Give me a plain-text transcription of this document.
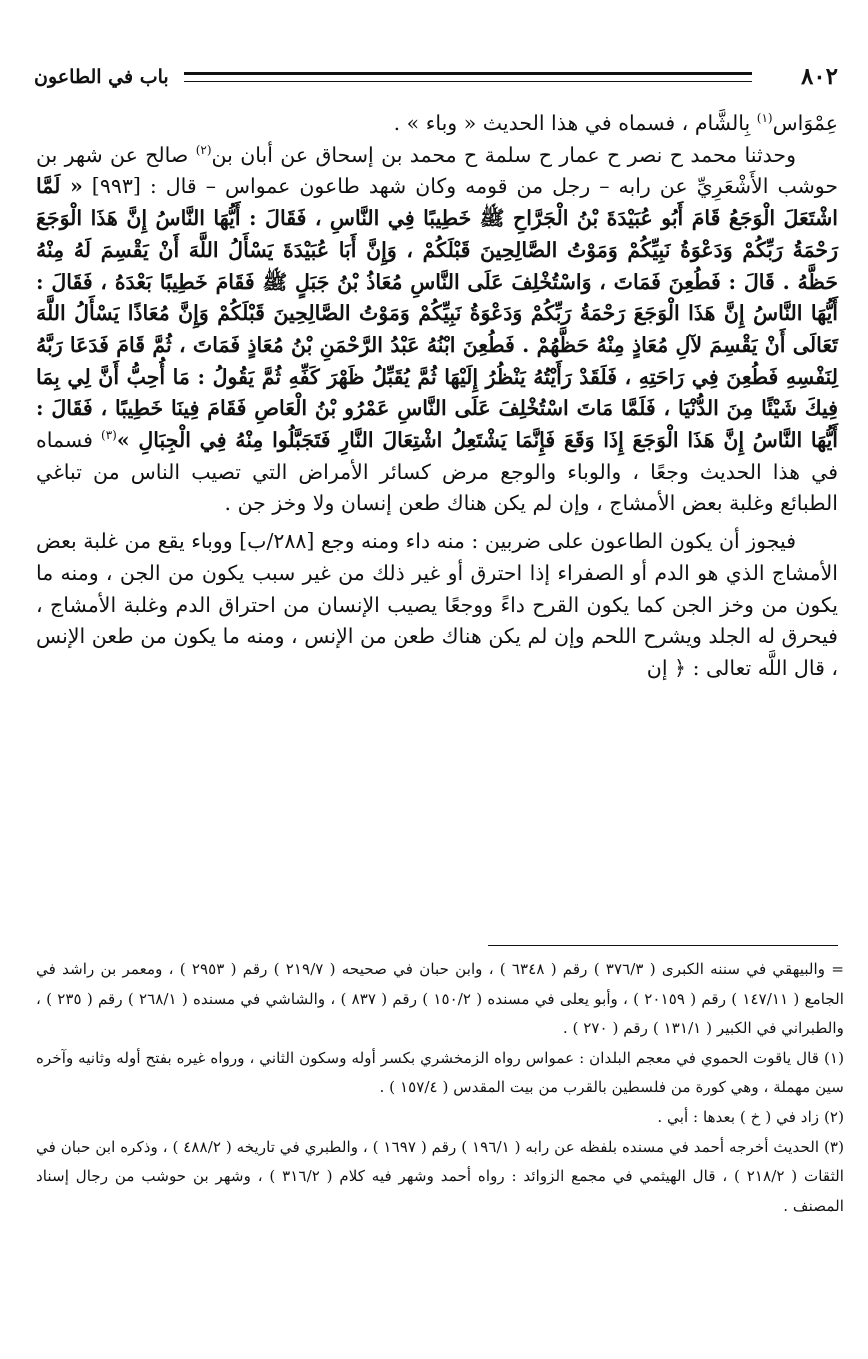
٨٠٢
باب في الطاعون

عِمْوَاس$^{(١)}$ بِالشَّام ، فسماه في هذا الحديث « وباء » .

وحدثنا محمد ح نصر ح عمار ح سلمة ح محمد بن إسحاق عن أبان بن$^{(٢)}$ صالح عن شهر بن حوشب الأَشْعَرِيِّ عن رابه – رجل من قومه وكان شهد طاعون عمواس – قال : [٩٩٣] « لَمَّا اشْتَعَلَ الْوَجَعُ قَامَ أَبُو عُبَيْدَةَ بْنُ الْجَرَّاحِ ﷺ خَطِيبًا فِي النَّاسِ ، فَقَالَ : أَيُّهَا النَّاسُ إِنَّ هَذَا الْوَجَعَ رَحْمَةُ رَبِّكُمْ وَدَعْوَةُ نَبِيِّكُمْ وَمَوْتُ الصَّالِحِينَ قَبْلَكُمْ ، وَإِنَّ أَبَا عُبَيْدَةَ يَسْأَلُ اللَّهَ أَنْ يَقْسِمَ لَهُ مِنْهُ حَظَّهُ . قَالَ : فَطُعِنَ فَمَاتَ ، وَاسْتُخْلِفَ عَلَى النَّاسِ مُعَاذُ بْنُ جَبَلٍ ﷺ فَقَامَ خَطِيبًا بَعْدَهُ ، فَقَالَ : أَيُّهَا النَّاسُ إِنَّ هَذَا الْوَجَعَ رَحْمَةُ رَبِّكُمْ وَدَعْوَةُ نَبِيِّكُمْ وَمَوْتُ الصَّالِحِينَ قَبْلَكُمْ وَإِنَّ مُعَاذًا يَسْأَلُ اللَّهَ تَعَالَى أَنْ يَقْسِمَ لآلِ مُعَاذٍ مِنْهُ حَظَّهُمْ . فَطُعِنَ ابْنُهُ عَبْدُ الرَّحْمَنِ بْنُ مُعَاذٍ فَمَاتَ ، ثُمَّ قَامَ فَدَعَا رَبَّهُ لِنَفْسِهِ فَطُعِنَ فِي رَاحَتِهِ ، فَلَقَدْ رَأَيْتُهُ يَنْظُرُ إِلَيْهَا ثُمَّ يُقَبِّلُ ظَهْرَ كَفِّهِ ثُمَّ يَقُولُ : مَا أُحِبُّ أَنَّ لِي بِمَا فِيكَ شَيْئًا مِنَ الدُّنْيَا ، فَلَمَّا مَاتَ اسْتُخْلِفَ عَلَى النَّاسِ عَمْرُو بْنُ الْعَاصِ فَقَامَ فِينَا خَطِيبًا ، فَقَالَ : أَيُّهَا النَّاسُ إِنَّ هَذَا الْوَجَعَ إِذَا وَقَعَ فَإِنَّمَا يَشْتَعِلُ اشْتِعَالَ النَّارِ فَتَجَبَّلُوا مِنْهُ فِي الْجِبَالِ »$^{(٣)}$ فسماه في هذا الحديث وجعًا ، والوباء والوجع مرض كسائر الأمراض التي تصيب الناس من تباغي الطبائع وغلبة بعض الأمشاج ، وإن لم يكن هناك طعن إنسان ولا وخز جن .

فيجوز أن يكون الطاعون على ضربين : منه داء ومنه وجع [٢٨٨/ب] ووباء يقع من غلبة بعض الأمشاج الذي هو الدم أو الصفراء إذا احترق أو غير ذلك من غير سبب يكون من الجن ، ومنه ما يكون من وخز الجن كما يكون القرح داءً ووجعًا يصيب الإنسان من احتراق الدم وغلبة الأمشاج ، فيحرق له الجلد ويشرح اللحم وإن لم يكن هناك طعن من الإنس ، ومنه ما يكون من طعن الإنس ، قال اللَّه تعالى : ﴿ إن

= والبيهقي في سننه الكبرى ( ٣٧٦/٣ ) رقم ( ٦٣٤٨ ) ، وابن حبان في صحيحه ( ٢١٩/٧ ) رقم ( ٢٩٥٣ ) ، ومعمر بن راشد في الجامع ( ١٤٧/١١ ) رقم ( ٢٠١٥٩ ) ، وأبو يعلى في مسنده ( ١٥٠/٢ ) رقم ( ٨٣٧ ) ، والشاشي في مسنده ( ٢٦٨/١ ) رقم ( ٢٣٥ ) ، والطبراني في الكبير ( ١٣١/١ ) رقم ( ٢٧٠ ) .

(١) قال ياقوت الحموي في معجم البلدان : عمواس رواه الزمخشري بكسر أوله وسكون الثاني ، ورواه غيره بفتح أوله وثانيه وآخره سين مهملة ، وهي كورة من فلسطين بالقرب من بيت المقدس ( ١٥٧/٤ ) .

(٢) زاد في ( خ ) بعدها : أبي .

(٣) الحديث أخرجه أحمد في مسنده بلفظه عن رابه ( ١٩٦/١ ) رقم ( ١٦٩٧ ) ، والطبري في تاريخه ( ٤٨٨/٢ ) ، وذكره ابن حبان في الثقات ( ٢١٨/٢ ) ، قال الهيثمي في مجمع الزوائد : رواه أحمد وشهر فيه كلام ( ٣١٦/٢ ) ، وشهر بن حوشب من رجال إسناد المصنف .
